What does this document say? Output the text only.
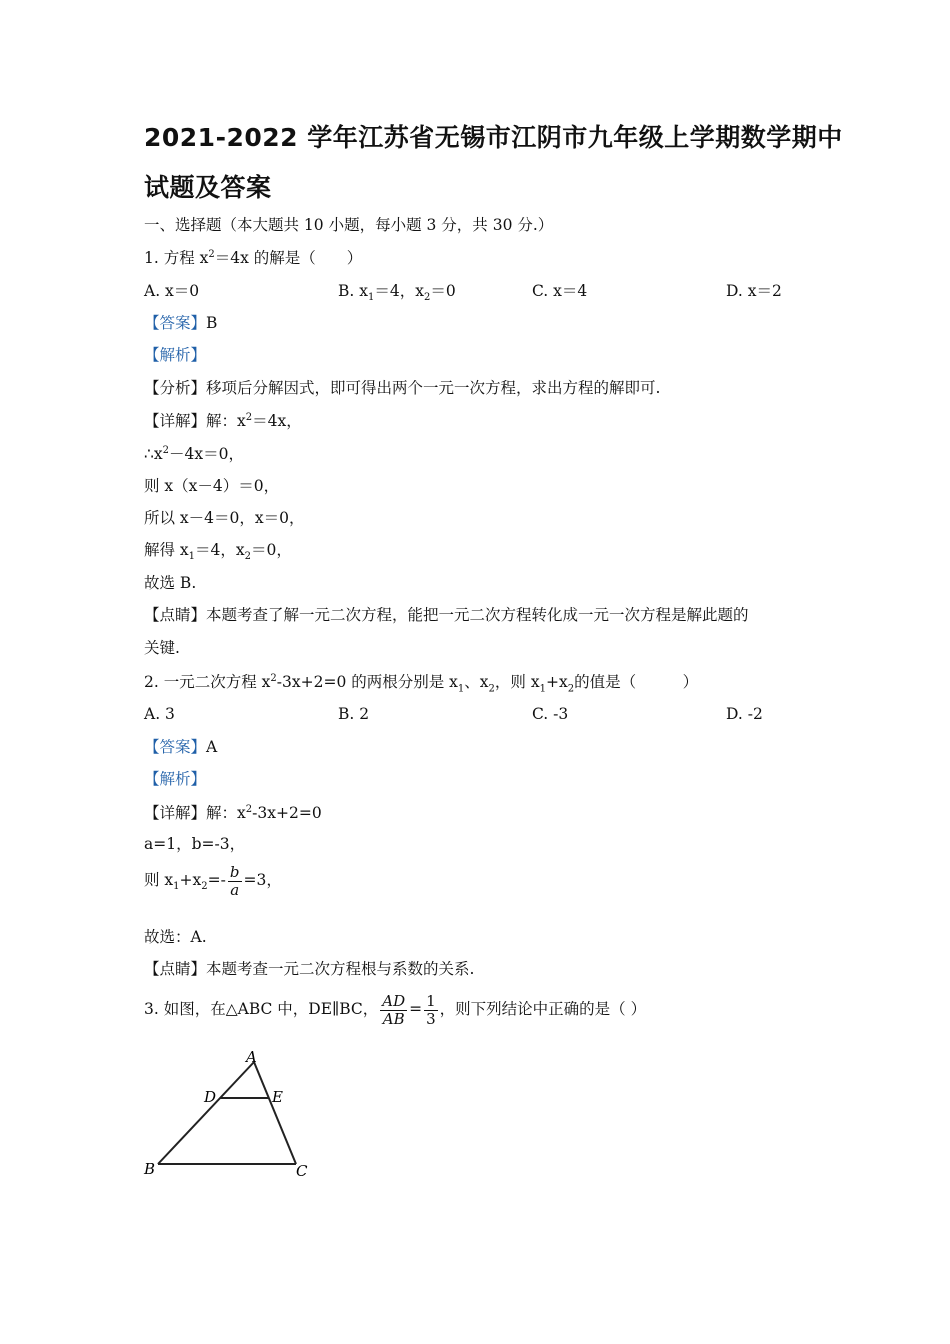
2021-2022 学年江苏省无锡市江阴市九年级上学期数学期中
试题及答案
一、选择题（本大题共 10 小题，每小题 3 分，共 30 分.）
1. 方程 $x^2=4x$ 的解是（　　）
A. x＝0	B. $x_1=4$，$x_2=0$	C. x＝4	D. x＝2
【答案】B
【解析】
【分析】移项后分解因式，即可得出两个一元一次方程，求出方程的解即可.
【详解】解：$x^2=4x$，
$\therefore x^2-4x=0$，
则 x（x－4）＝0，
所以 x－4＝0，x＝0，
解得 $x_1=4$，$x_2=0$，
故选 B.
【点睛】本题考查了解一元二次方程，能把一元二次方程转化成一元一次方程是解此题的
关键.
2. 一元二次方程 $x^2-3x+2=0$ 的两根分别是 $x_1$、$x_2$，则 $x_1+x_2$的值是（　　　）
A. 3	B. 2	C. -3	D. -2
【答案】A
【解析】
【详解】解：$x^2-3x+2=0$
a=1，b=-3，
则 $x_1+x_2=- \frac{b}{a} =3$，
故选：A.
【点睛】本题考查一元二次方程根与系数的关系.
3. 如图，在△ABC 中，DE∥BC， $\frac{AD}{AB} = \frac{1}{3}$ ，则下列结论中正确的是（ ）
A
D	E
B	C
